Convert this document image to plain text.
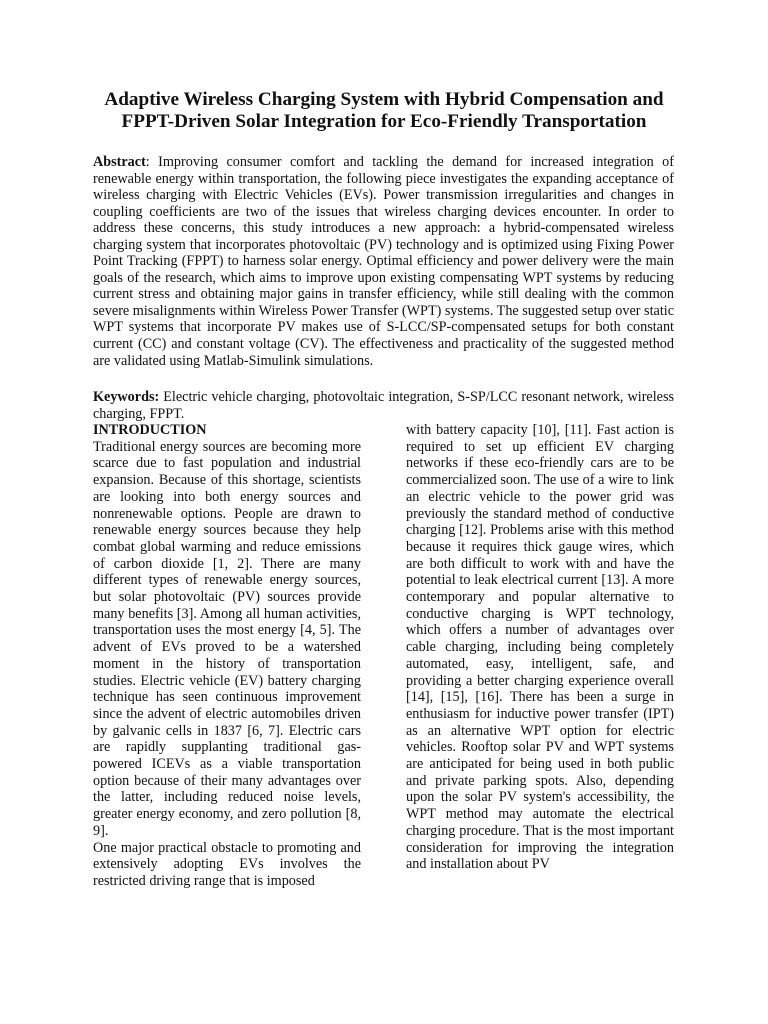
Adaptive Wireless Charging System with Hybrid Compensation and FPPT-Driven Solar Integration for Eco-Friendly Transportation

Abstract: Improving consumer comfort and tackling the demand for increased integration of renewable energy within transportation, the following piece investigates the expanding acceptance of wireless charging with Electric Vehicles (EVs). Power transmission irregularities and changes in coupling coefficients are two of the issues that wireless charging devices encounter. In order to address these concerns, this study introduces a new approach: a hybrid-compensated wireless charging system that incorporates photovoltaic (PV) technology and is optimized using Fixing Power Point Tracking (FPPT) to harness solar energy. Optimal efficiency and power delivery were the main goals of the research, which aims to improve upon existing compensating WPT systems by reducing current stress and obtaining major gains in transfer efficiency, while still dealing with the common severe misalignments within Wireless Power Transfer (WPT) systems. The suggested setup over static WPT systems that incorporate PV makes use of S-LCC/SP-compensated setups for both constant current (CC) and constant voltage (CV). The effectiveness and practicality of the suggested method are validated using Matlab-Simulink simulations.

Keywords: Electric vehicle charging, photovoltaic integration, S-SP/LCC resonant network, wireless charging, FPPT.

INTRODUCTION

Traditional energy sources are becoming more scarce due to fast population and industrial expansion. Because of this shortage, scientists are looking into both energy sources and nonrenewable options. People are drawn to renewable energy sources because they help combat global warming and reduce emissions of carbon dioxide [1, 2]. There are many different types of renewable energy sources, but solar photovoltaic (PV) sources provide many benefits [3]. Among all human activities, transportation uses the most energy [4, 5]. The advent of EVs proved to be a watershed moment in the history of transportation studies. Electric vehicle (EV) battery charging technique has seen continuous improvement since the advent of electric automobiles driven by galvanic cells in 1837 [6, 7]. Electric cars are rapidly supplanting traditional gas-powered ICEVs as a viable transportation option because of their many advantages over the latter, including reduced noise levels, greater energy economy, and zero pollution [8, 9].

One major practical obstacle to promoting and extensively adopting EVs involves the restricted driving range that is imposed

with battery capacity [10], [11]. Fast action is required to set up efficient EV charging networks if these eco-friendly cars are to be commercialized soon. The use of a wire to link an electric vehicle to the power grid was previously the standard method of conductive charging [12]. Problems arise with this method because it requires thick gauge wires, which are both difficult to work with and have the potential to leak electrical current [13]. A more contemporary and popular alternative to conductive charging is WPT technology, which offers a number of advantages over cable charging, including being completely automated, easy, intelligent, safe, and providing a better charging experience overall [14], [15], [16]. There has been a surge in enthusiasm for inductive power transfer (IPT) as an alternative WPT option for electric vehicles. Rooftop solar PV and WPT systems are anticipated for being used in both public and private parking spots. Also, depending upon the solar PV system's accessibility, the WPT method may automate the electrical charging procedure. That is the most important consideration for improving the integration and installation about PV
